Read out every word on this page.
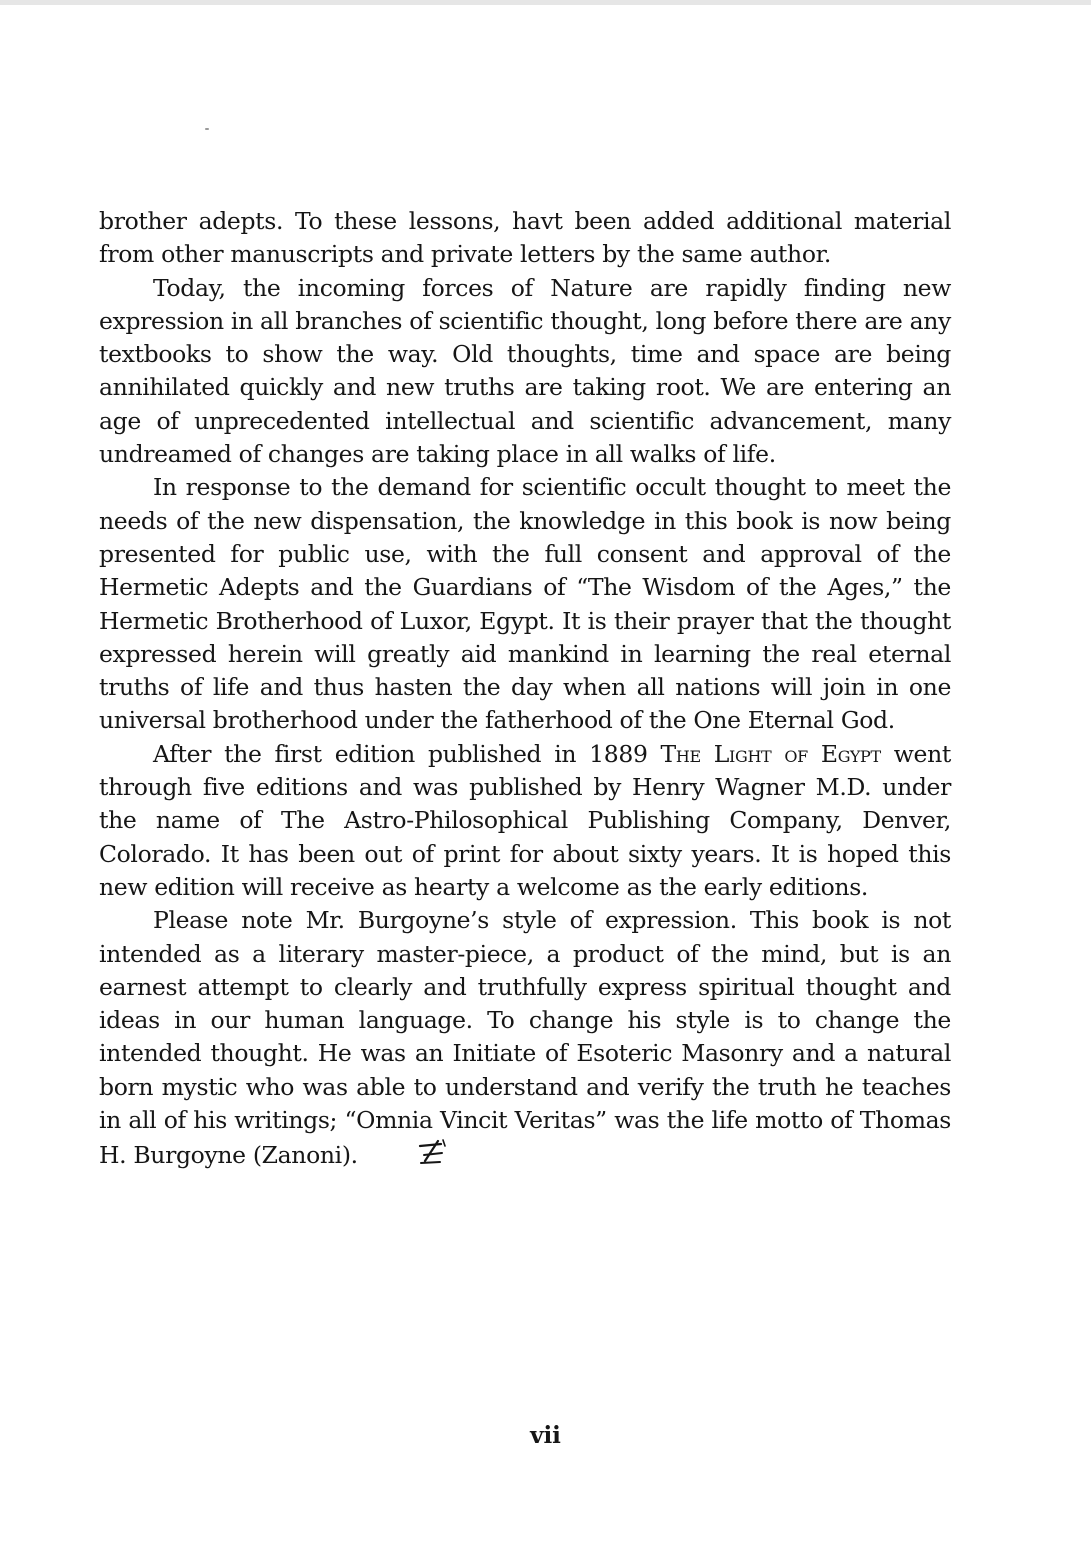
brother adepts. To these lessons, havt been added additional material from other manuscripts and private letters by the same author.

Today, the incoming forces of Nature are rapidly finding new expression in all branches of scientific thought, long before there are any textbooks to show the way. Old thoughts, time and space are being annihilated quickly and new truths are taking root. We are entering an age of unprecedented intellectual and scientific advancement, many undreamed of changes are taking place in all walks of life.

In response to the demand for scientific occult thought to meet the needs of the new dispensation, the knowledge in this book is now being presented for public use, with the full consent and approval of the Hermetic Adepts and the Guardians of “The Wisdom of the Ages,” the Hermetic Brotherhood of Luxor, Egypt. It is their prayer that the thought expressed herein will greatly aid mankind in learning the real eternal truths of life and thus hasten the day when all nations will join in one universal brotherhood under the fatherhood of the One Eternal God.

After the first edition published in 1889 The Light of Egypt went through five editions and was published by Henry Wagner M.D. under the name of The Astro-Philosophical Publishing Company, Denver, Colorado. It has been out of print for about sixty years. It is hoped this new edition will receive as hearty a welcome as the early editions.

Please note Mr. Burgoyne’s style of expression. This book is not intended as a literary master-piece, a product of the mind, but is an earnest attempt to clearly and truthfully express spiritual thought and ideas in our human language. To change his style is to change the intended thought. He was an Initiate of Esoteric Masonry and a natural born mystic who was able to understand and verify the truth he teaches in all of his writings; “Omnia Vincit Veritas” was the life motto of Thomas H. Burgoyne (Zanoni).

vii
